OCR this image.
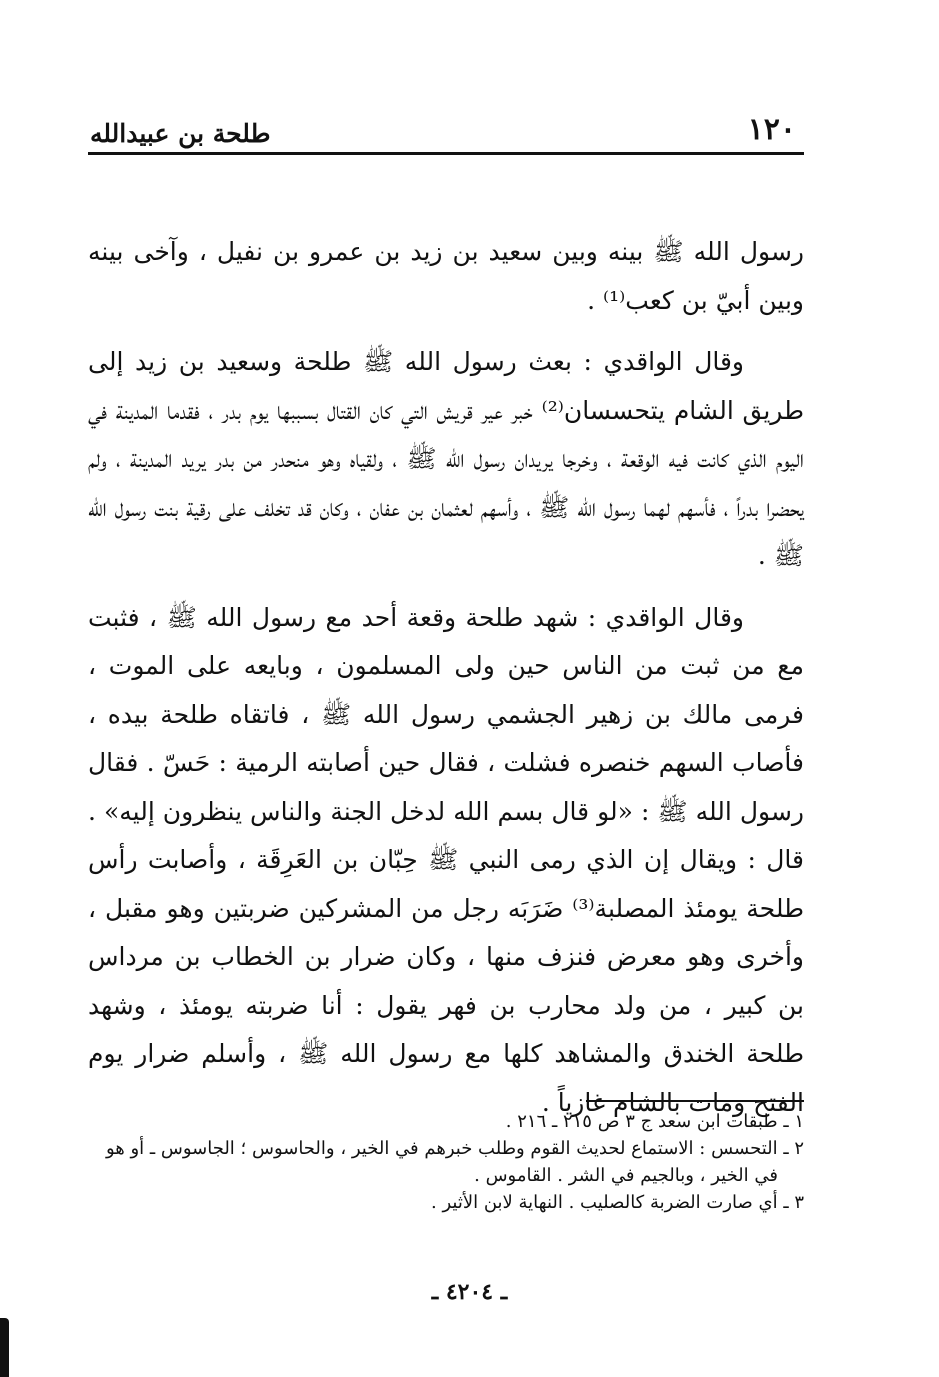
١٢٠
طلحة بن عبيدالله

رسول الله ﷺ بينه وبين سعيد بن زيد بن عمرو بن نفيل ، وآخى بينه وبين أبيّ بن كعب⁽¹⁾ .

وقال الواقدي : بعث رسول الله ﷺ طلحة وسعيد بن زيد إلى طريق الشام يتحسسان⁽²⁾ خبر عير قريش التي كان القتال بسببها يوم بدر ، فقدما المدينة في اليوم الذي كانت فيه الوقعة ، وخرجا يريدان رسول الله ﷺ ، ولقياه وهو منحدر من بدر يريد المدينة ، ولم يحضرا بدراً ، فأسهم لهما رسول الله ﷺ ، وأسهم لعثمان بن عفان ، وكان قد تخلف على رقية بنت رسول الله ﷺ .

وقال الواقدي : شهد طلحة وقعة أحد مع رسول الله ﷺ ، فثبت مع من ثبت من الناس حين ولى المسلمون ، وبايعه على الموت ، فرمى مالك بن زهير الجشمي رسول الله ﷺ ، فاتقاه طلحة بيده ، فأصاب السهم خنصره فشلت ، فقال حين أصابته الرمية : حَسّ . فقال رسول الله ﷺ : «لو قال بسم الله لدخل الجنة والناس ينظرون إليه» . قال : ويقال إن الذي رمى النبي ﷺ حِبّان بن العَرِقَة ، وأصابت رأس طلحة يومئذ المصلبة⁽³⁾ ضَرَبَه رجل من المشركين ضربتين وهو مقبل ، وأخرى وهو معرض فنزف منها ، وكان ضرار بن الخطاب بن مرداس بن كبير ، من ولد محارب بن فهر يقول : أنا ضربته يومئذ ، وشهد طلحة الخندق والمشاهد كلها مع رسول الله ﷺ ، وأسلم ضرار يوم الفتح ومات بالشام غازياً .

١ ـ طبقات ابن سعد ج ٣ ص ٢١٥ ـ ٢١٦ .

٢ ـ التحسس : الاستماع لحديث القوم وطلب خبرهم في الخير ، والحاسوس ؛ الجاسوس ـ أو هو

في الخير ، وبالجيم في الشر . القاموس .

٣ ـ أي صارت الضربة كالصليب . النهاية لابن الأثير .

ـ ٤٢٠٤ ـ
